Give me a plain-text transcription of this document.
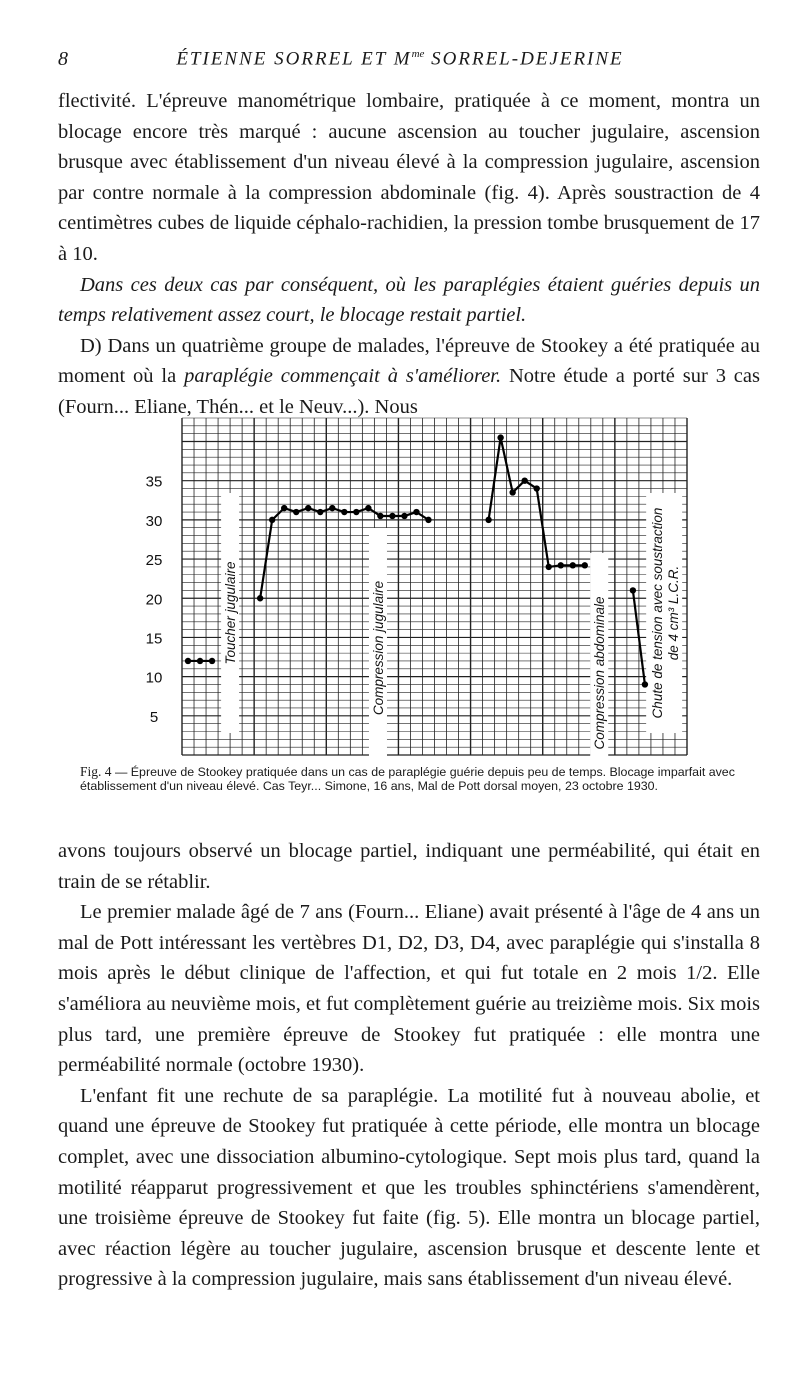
8	ÉTIENNE SORREL ET $M^{me}$ SORREL-DEJERINE

flectivité. L'épreuve manométrique lombaire, pratiquée à ce moment, montra un blocage encore très marqué : aucune ascension au toucher jugulaire, ascension brusque avec établissement d'un niveau élevé à la compression jugulaire, ascension par contre normale à la compression abdominale (fig. 4). Après soustraction de 4 centimètres cubes de liquide céphalo-rachidien, la pression tombe brusquement de 17 à 10.

Dans ces deux cas par conséquent, où les paraplégies étaient guéries depuis un temps relativement assez court, le blocage restait partiel.

D) Dans un quatrième groupe de malades, l'épreuve de Stookey a été pratiquée au moment où la paraplégie commençait à s'améliorer. Notre étude a porté sur 3 cas (Fourn... Eliane, Thén... et le Neuv...). Nous

35
30
25
20
15
10
5
Toucher jugulaire	Compression jugulaire	Compression abdominale	Chute de tension avec soustraction de 4 cm³ L.C.R.
Fig. 4 — Épreuve de Stookey pratiquée dans un cas de paraplégie guérie depuis peu de temps. Blocage imparfait avec établissement d'un niveau élevé. Cas Teyr... Simone, 16 ans, Mal de Pott dorsal moyen, 23 octobre 1930.

avons toujours observé un blocage partiel, indiquant une perméabilité, qui était en train de se rétablir.

Le premier malade âgé de 7 ans (Fourn... Eliane) avait présenté à l'âge de 4 ans un mal de Pott intéressant les vertèbres D1, D2, D3, D4, avec paraplégie qui s'installa 8 mois après le début clinique de l'affection, et qui fut totale en 2 mois 1/2. Elle s'améliora au neuvième mois, et fut complètement guérie au treizième mois. Six mois plus tard, une première épreuve de Stookey fut pratiquée : elle montra une perméabilité normale (octobre 1930).

L'enfant fit une rechute de sa paraplégie. La motilité fut à nouveau abolie, et quand une épreuve de Stookey fut pratiquée à cette période, elle montra un blocage complet, avec une dissociation albumino-cytologique. Sept mois plus tard, quand la motilité réapparut progressivement et que les troubles sphinctériens s'amendèrent, une troisième épreuve de Stookey fut faite (fig. 5). Elle montra un blocage partiel, avec réaction légère au toucher jugulaire, ascension brusque et descente lente et progressive à la compression jugulaire, mais sans établissement d'un niveau élevé.
